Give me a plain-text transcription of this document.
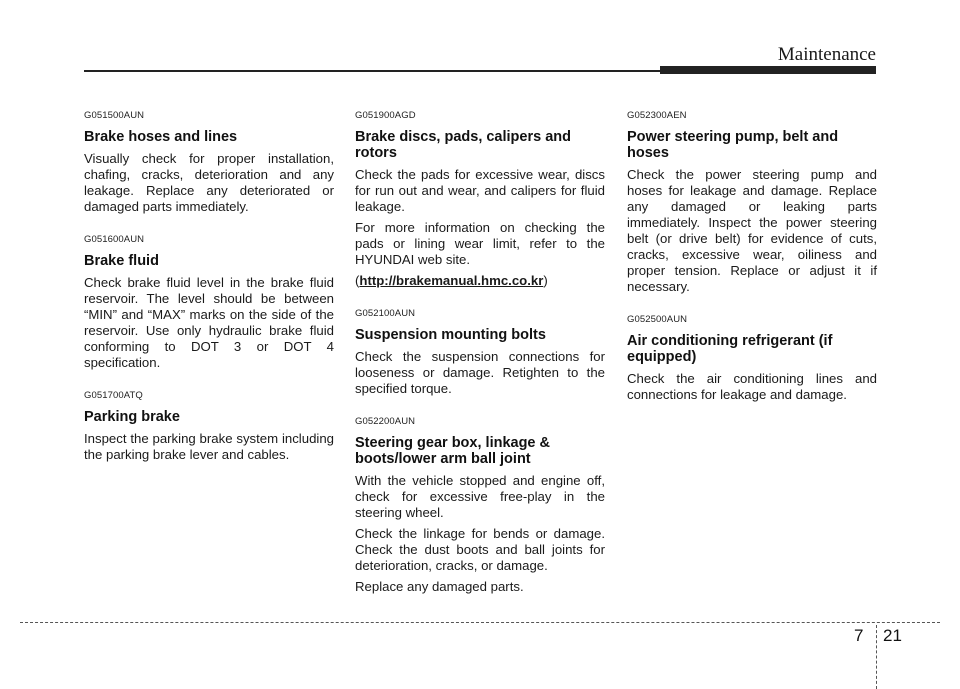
Maintenance
G051500AUN
Brake hoses and lines

Visually check for proper installation, chafing, cracks, deterioration and any leakage. Replace any deteriorated or damaged parts immediately.

G051600AUN
Brake fluid

Check brake fluid level in the brake fluid reservoir. The level should be between “MIN” and “MAX” marks on the side of the reservoir. Use only hydraulic brake fluid conforming to DOT 3 or DOT 4 specification.

G051700ATQ
Parking brake

Inspect the parking brake system including the parking brake lever and cables.

G051900AGD
Brake discs, pads, calipers and rotors

Check the pads for excessive wear, discs for run out and wear, and calipers for fluid leakage.

For more information on checking the pads or lining wear limit, refer to the HYUNDAI web site.

(http://brakemanual.hmc.co.kr)

G052100AUN
Suspension mounting bolts

Check the suspension connections for looseness or damage. Retighten to the specified torque.

G052200AUN
Steering gear box, linkage & boots/lower arm ball joint

With the vehicle stopped and engine off, check for excessive free-play in the steering wheel.

Check the linkage for bends or damage. Check the dust boots and ball joints for deterioration, cracks, or damage.

Replace any damaged parts.

G052300AEN
Power steering pump, belt and hoses

Check the power steering pump and hoses for leakage and damage. Replace any damaged or leaking parts immediately. Inspect the power steering belt (or drive belt) for evidence of cuts, cracks, excessive wear, oiliness and proper tension. Replace or adjust it if necessary.

G052500AUN
Air conditioning refrigerant (if equipped)

Check the air conditioning lines and connections for leakage and damage.

7 21
